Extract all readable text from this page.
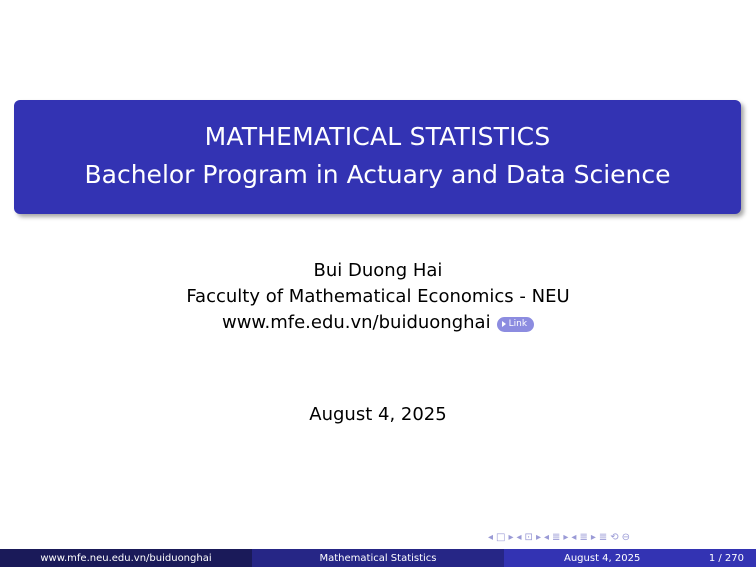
MATHEMATICAL STATISTICS
Bachelor Program in Actuary and Data Science
Bui Duong Hai
Facculty of Mathematical Economics - NEU
www.mfe.edu.vn/buiduonghai Link
August 4, 2025
◂ □ ▸ ◂ ⊡ ▸ ◂ ≣ ▸ ◂ ≣ ▸ ≣ ⟲ ⊖
www.mfe.neu.edu.vn/buiduonghai	Mathematical Statistics	August 4, 2025	1 / 270
